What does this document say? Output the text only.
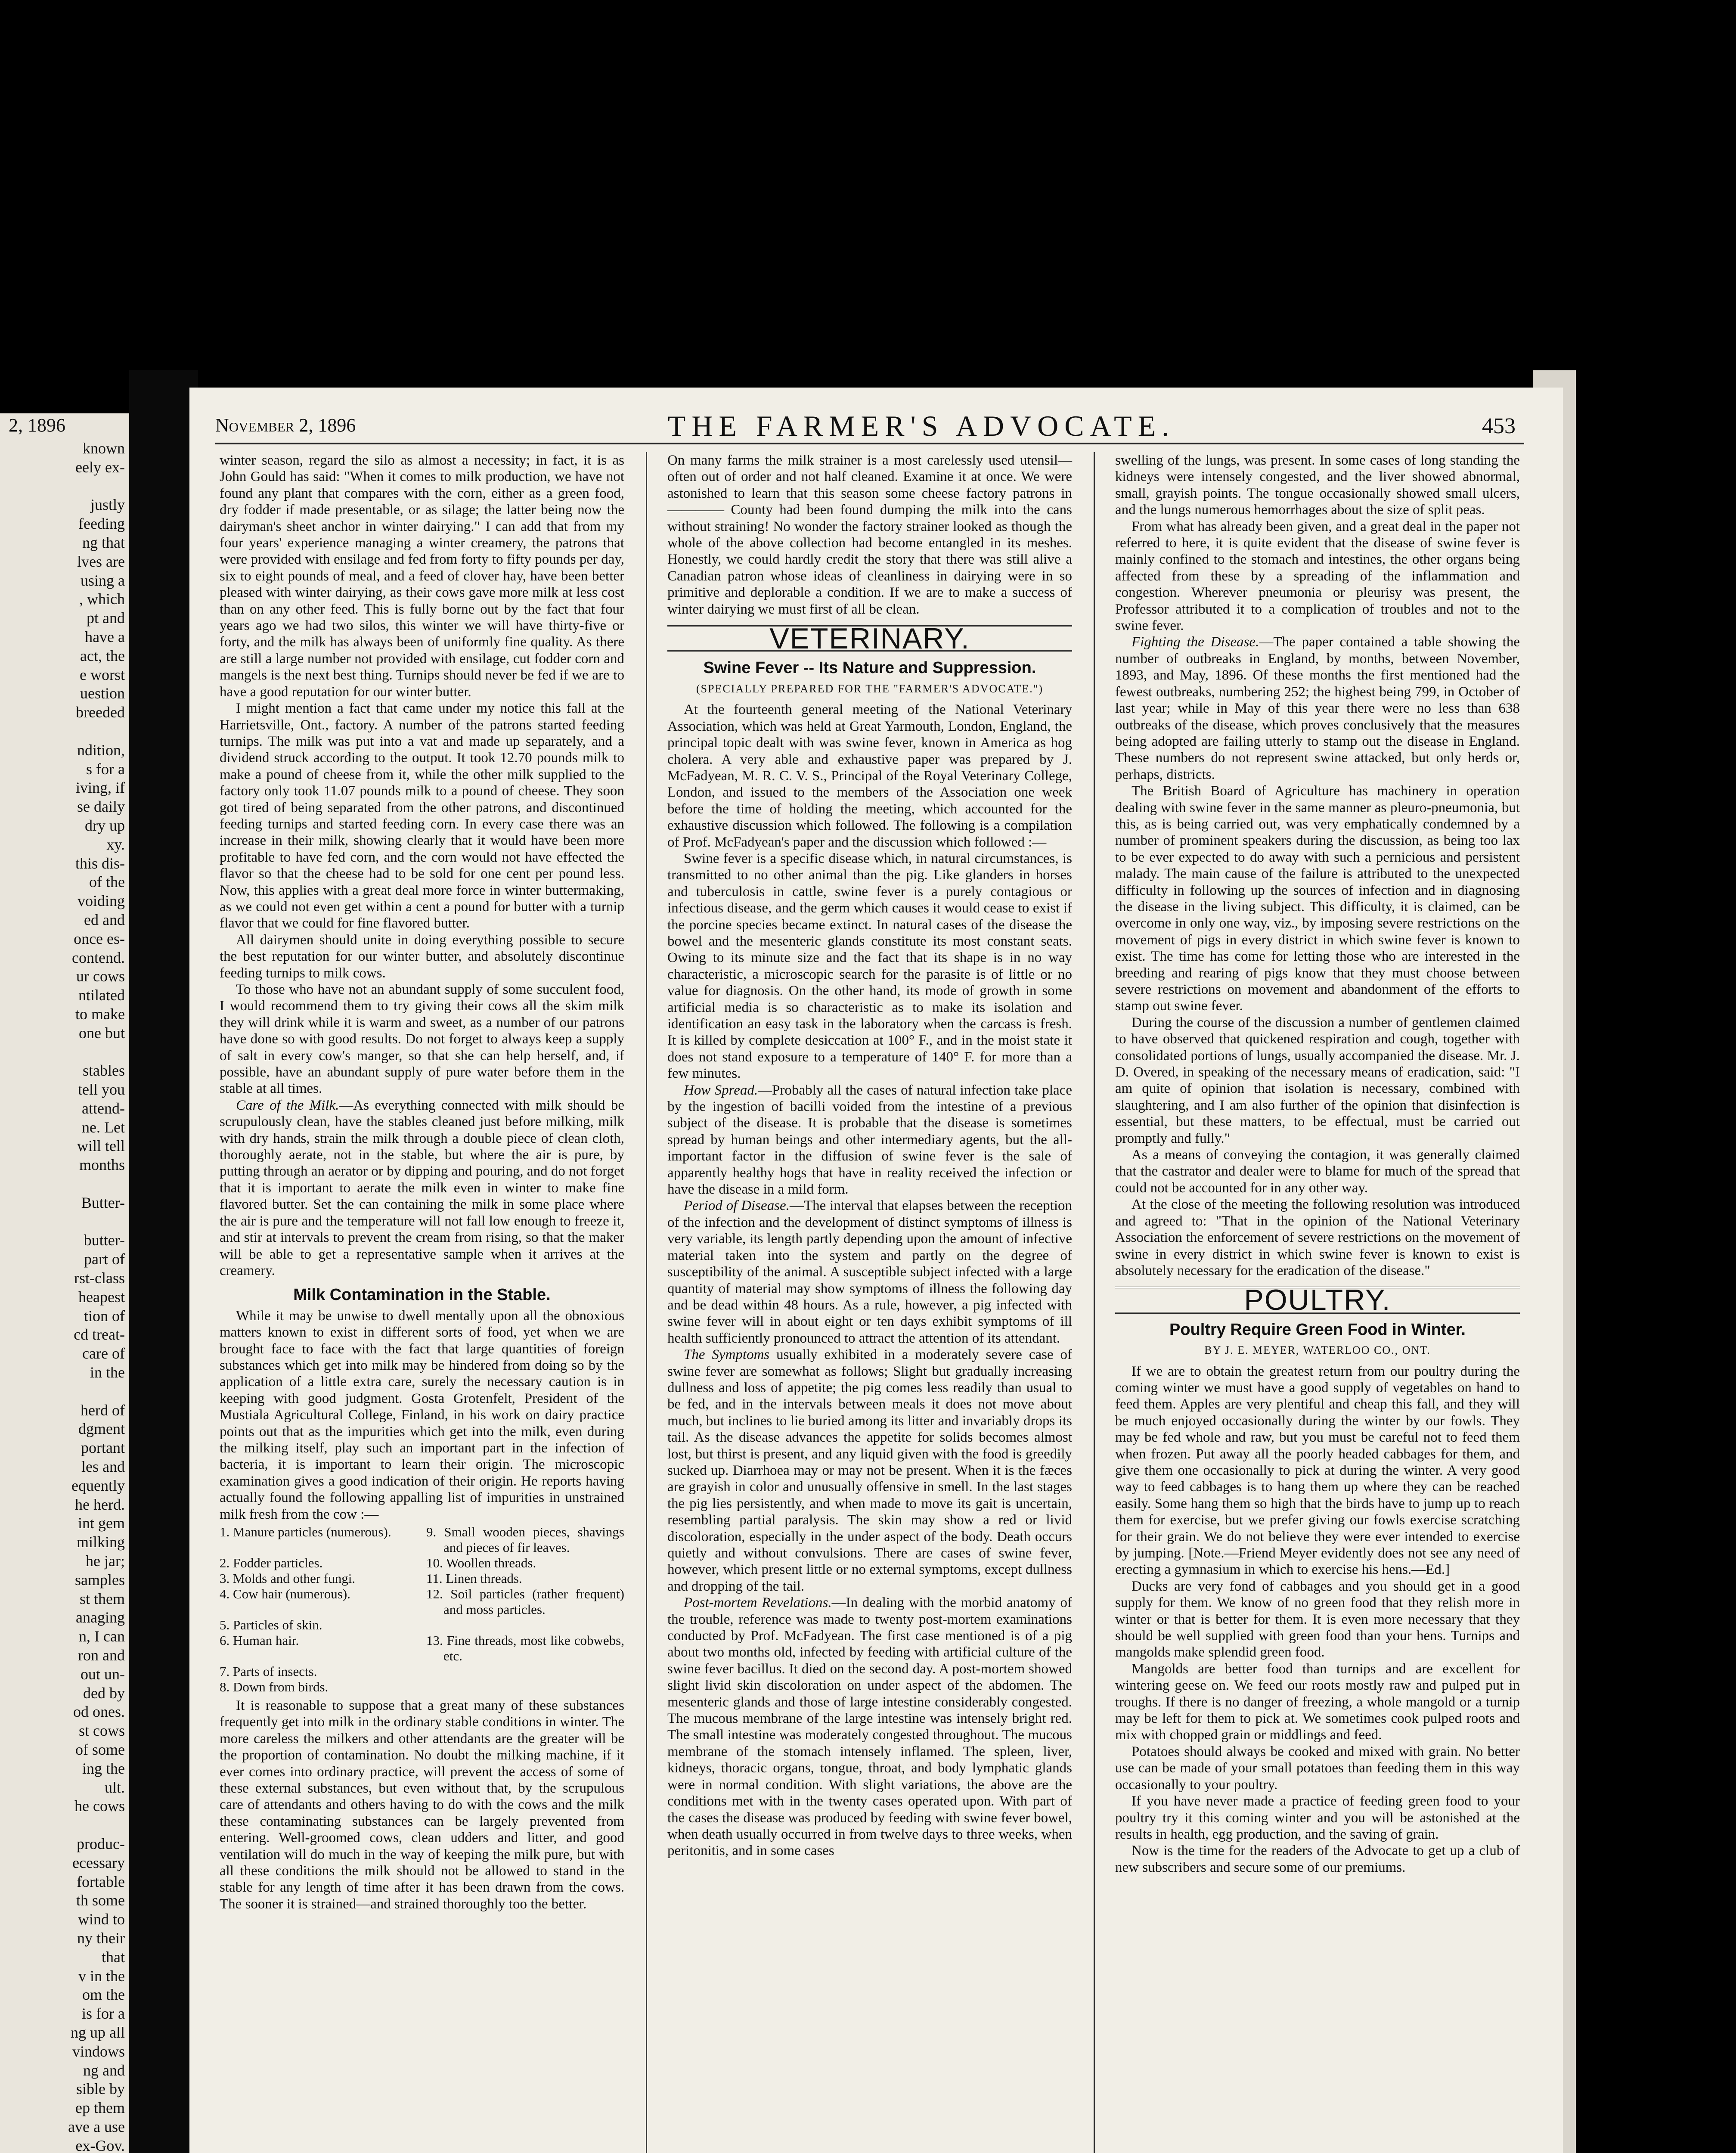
2, 1896
known
eely ex-

justly
feeding
ng that
lves are
using a
, which
pt and
have a
act, the
e worst
uestion
breeded

ndition,
s for a
iving, if
se daily
dry up
xy.
this dis-
of the
voiding
ed and
once es-
contend.
ur cows
ntilated
to make
one but

stables
tell you
attend-
ne. Let
will tell
months

Butter-

butter-
part of
rst-class
heapest
tion of
cd treat-
care of
in the

herd of
dgment
portant
les and
equently
he herd.
int gem
milking
he jar;
samples
st them
anaging
n, I can
ron and
out un-
ded by
od ones.
st cows
of some
ing the
ult.
he cows

produc-
ecessary
fortable
th some
wind to
ny their
that
v in the
om the
is for a
ng up all
vindows
ng and
sible by
ep them
ave a use
ex-Gov.

November 2, 1896	THE FARMER'S ADVOCATE.	453

winter season, regard the silo as almost a necessity; in fact, it is as John Gould has said: "When it comes to milk production, we have not found any plant that compares with the corn, either as a green food, dry fodder if made presentable, or as silage; the latter being now the dairyman's sheet anchor in winter dairying." I can add that from my four years' experience managing a winter creamery, the patrons that were provided with ensilage and fed from forty to fifty pounds per day, six to eight pounds of meal, and a feed of clover hay, have been better pleased with winter dairying, as their cows gave more milk at less cost than on any other feed. This is fully borne out by the fact that four years ago we had two silos, this winter we will have thirty-five or forty, and the milk has always been of uniformly fine quality. As there are still a large number not provided with ensilage, cut fodder corn and mangels is the next best thing. Turnips should never be fed if we are to have a good reputation for our winter butter.

I might mention a fact that came under my notice this fall at the Harrietsville, Ont., factory. A number of the patrons started feeding turnips. The milk was put into a vat and made up separately, and a dividend struck according to the output. It took 12.70 pounds milk to make a pound of cheese from it, while the other milk supplied to the factory only took 11.07 pounds milk to a pound of cheese. They soon got tired of being separated from the other patrons, and discontinued feeding turnips and started feeding corn. In every case there was an increase in their milk, showing clearly that it would have been more profitable to have fed corn, and the corn would not have effected the flavor so that the cheese had to be sold for one cent per pound less. Now, this applies with a great deal more force in winter buttermaking, as we could not even get within a cent a pound for butter with a turnip flavor that we could for fine flavored butter.

All dairymen should unite in doing everything possible to secure the best reputation for our winter butter, and absolutely discontinue feeding turnips to milk cows.

To those who have not an abundant supply of some succulent food, I would recommend them to try giving their cows all the skim milk they will drink while it is warm and sweet, as a number of our patrons have done so with good results. Do not forget to always keep a supply of salt in every cow's manger, so that she can help herself, and, if possible, have an abundant supply of pure water before them in the stable at all times.

Care of the Milk.—As everything connected with milk should be scrupulously clean, have the stables cleaned just before milking, milk with dry hands, strain the milk through a double piece of clean cloth, thoroughly aerate, not in the stable, but where the air is pure, by putting through an aerator or by dipping and pouring, and do not forget that it is important to aerate the milk even in winter to make fine flavored butter. Set the can containing the milk in some place where the air is pure and the temperature will not fall low enough to freeze it, and stir at intervals to prevent the cream from rising, so that the maker will be able to get a representative sample when it arrives at the creamery.

Milk Contamination in the Stable.

While it may be unwise to dwell mentally upon all the obnoxious matters known to exist in different sorts of food, yet when we are brought face to face with the fact that large quantities of foreign substances which get into milk may be hindered from doing so by the application of a little extra care, surely the necessary caution is in keeping with good judgment. Gosta Grotenfelt, President of the Mustiala Agricultural College, Finland, in his work on dairy practice points out that as the impurities which get into the milk, even during the milking itself, play such an important part in the infection of bacteria, it is important to learn their origin. The microscopic examination gives a good indication of their origin. He reports having actually found the following appalling list of impurities in unstrained milk fresh from the cow :—

1. Manure particles (numerous).	9. Small wooden pieces, shavings and pieces of fir leaves.
2. Fodder particles.	10. Woollen threads.
3. Molds and other fungi.	11. Linen threads.
4. Cow hair (numerous).	12. Soil particles (rather frequent) and moss particles.
5. Particles of skin.
6. Human hair.	13. Fine threads, most like cobwebs, etc.
7. Parts of insects.
8. Down from birds.

It is reasonable to suppose that a great many of these substances frequently get into milk in the ordinary stable conditions in winter. The more careless the milkers and other attendants are the greater will be the proportion of contamination. No doubt the milking machine, if it ever comes into ordinary practice, will prevent the access of some of these external substances, but even without that, by the scrupulous care of attendants and others having to do with the cows and the milk these contaminating substances can be largely prevented from entering. Well-groomed cows, clean udders and litter, and good ventilation will do much in the way of keeping the milk pure, but with all these conditions the milk should not be allowed to stand in the stable for any length of time after it has been drawn from the cows. The sooner it is strained—and strained thoroughly too the better.

On many farms the milk strainer is a most carelessly used utensil—often out of order and not half cleaned. Examine it at once. We were astonished to learn that this season some cheese factory patrons in ———— County had been found dumping the milk into the cans without straining! No wonder the factory strainer looked as though the whole of the above collection had become entangled in its meshes. Honestly, we could hardly credit the story that there was still alive a Canadian patron whose ideas of cleanliness in dairying were in so primitive and deplorable a condition. If we are to make a success of winter dairying we must first of all be clean.

VETERINARY.
Swine Fever -- Its Nature and Suppression.
(SPECIALLY PREPARED FOR THE "FARMER'S ADVOCATE.")

At the fourteenth general meeting of the National Veterinary Association, which was held at Great Yarmouth, London, England, the principal topic dealt with was swine fever, known in America as hog cholera. A very able and exhaustive paper was prepared by J. McFadyean, M. R. C. V. S., Principal of the Royal Veterinary College, London, and issued to the members of the Association one week before the time of holding the meeting, which accounted for the exhaustive discussion which followed. The following is a compilation of Prof. McFadyean's paper and the discussion which followed :—

Swine fever is a specific disease which, in natural circumstances, is transmitted to no other animal than the pig. Like glanders in horses and tuberculosis in cattle, swine fever is a purely contagious or infectious disease, and the germ which causes it would cease to exist if the porcine species became extinct. In natural cases of the disease the bowel and the mesenteric glands constitute its most constant seats. Owing to its minute size and the fact that its shape is in no way characteristic, a microscopic search for the parasite is of little or no value for diagnosis. On the other hand, its mode of growth in some artificial media is so characteristic as to make its isolation and identification an easy task in the laboratory when the carcass is fresh. It is killed by complete desiccation at 100° F., and in the moist state it does not stand exposure to a temperature of 140° F. for more than a few minutes.

How Spread.—Probably all the cases of natural infection take place by the ingestion of bacilli voided from the intestine of a previous subject of the disease. It is probable that the disease is sometimes spread by human beings and other intermediary agents, but the all-important factor in the diffusion of swine fever is the sale of apparently healthy hogs that have in reality received the infection or have the disease in a mild form.

Period of Disease.—The interval that elapses between the reception of the infection and the development of distinct symptoms of illness is very variable, its length partly depending upon the amount of infective material taken into the system and partly on the degree of susceptibility of the animal. A susceptible subject infected with a large quantity of material may show symptoms of illness the following day and be dead within 48 hours. As a rule, however, a pig infected with swine fever will in about eight or ten days exhibit symptoms of ill health sufficiently pronounced to attract the attention of its attendant.

The Symptoms usually exhibited in a moderately severe case of swine fever are somewhat as follows; Slight but gradually increasing dullness and loss of appetite; the pig comes less readily than usual to be fed, and in the intervals between meals it does not move about much, but inclines to lie buried among its litter and invariably drops its tail. As the disease advances the appetite for solids becomes almost lost, but thirst is present, and any liquid given with the food is greedily sucked up. Diarrhoea may or may not be present. When it is the fæces are grayish in color and unusually offensive in smell. In the last stages the pig lies persistently, and when made to move its gait is uncertain, resembling partial paralysis. The skin may show a red or livid discoloration, especially in the under aspect of the body. Death occurs quietly and without convulsions. There are cases of swine fever, however, which present little or no external symptoms, except dullness and dropping of the tail.

Post-mortem Revelations.—In dealing with the morbid anatomy of the trouble, reference was made to twenty post-mortem examinations conducted by Prof. McFadyean. The first case mentioned is of a pig about two months old, infected by feeding with artificial culture of the swine fever bacillus. It died on the second day. A post-mortem showed slight livid skin discoloration on under aspect of the abdomen. The mesenteric glands and those of large intestine considerably congested. The mucous membrane of the large intestine was intensely bright red. The small intestine was moderately congested throughout. The mucous membrane of the stomach intensely inflamed. The spleen, liver, kidneys, thoracic organs, tongue, throat, and body lymphatic glands were in normal condition. With slight variations, the above are the conditions met with in the twenty cases operated upon. With part of the cases the disease was produced by feeding with swine fever bowel, when death usually occurred in from twelve days to three weeks, when peritonitis, and in some cases

swelling of the lungs, was present. In some cases of long standing the kidneys were intensely congested, and the liver showed abnormal, small, grayish points. The tongue occasionally showed small ulcers, and the lungs numerous hemorrhages about the size of split peas.

From what has already been given, and a great deal in the paper not referred to here, it is quite evident that the disease of swine fever is mainly confined to the stomach and intestines, the other organs being affected from these by a spreading of the inflammation and congestion. Wherever pneumonia or pleurisy was present, the Professor attributed it to a complication of troubles and not to the swine fever.

Fighting the Disease.—The paper contained a table showing the number of outbreaks in England, by months, between November, 1893, and May, 1896. Of these months the first mentioned had the fewest outbreaks, numbering 252; the highest being 799, in October of last year; while in May of this year there were no less than 638 outbreaks of the disease, which proves conclusively that the measures being adopted are failing utterly to stamp out the disease in England. These numbers do not represent swine attacked, but only herds or, perhaps, districts.

The British Board of Agriculture has machinery in operation dealing with swine fever in the same manner as pleuro-pneumonia, but this, as is being carried out, was very emphatically condemned by a number of prominent speakers during the discussion, as being too lax to be ever expected to do away with such a pernicious and persistent malady. The main cause of the failure is attributed to the unexpected difficulty in following up the sources of infection and in diagnosing the disease in the living subject. This difficulty, it is claimed, can be overcome in only one way, viz., by imposing severe restrictions on the movement of pigs in every district in which swine fever is known to exist. The time has come for letting those who are interested in the breeding and rearing of pigs know that they must choose between severe restrictions on movement and abandonment of the efforts to stamp out swine fever.

During the course of the discussion a number of gentlemen claimed to have observed that quickened respiration and cough, together with consolidated portions of lungs, usually accompanied the disease. Mr. J. D. Overed, in speaking of the necessary means of eradication, said: "I am quite of opinion that isolation is necessary, combined with slaughtering, and I am also further of the opinion that disinfection is essential, but these matters, to be effectual, must be carried out promptly and fully."

As a means of conveying the contagion, it was generally claimed that the castrator and dealer were to blame for much of the spread that could not be accounted for in any other way.

At the close of the meeting the following resolution was introduced and agreed to: "That in the opinion of the National Veterinary Association the enforcement of severe restrictions on the movement of swine in every district in which swine fever is known to exist is absolutely necessary for the eradication of the disease."

POULTRY.
Poultry Require Green Food in Winter.
BY J. E. MEYER, WATERLOO CO., ONT.

If we are to obtain the greatest return from our poultry during the coming winter we must have a good supply of vegetables on hand to feed them. Apples are very plentiful and cheap this fall, and they will be much enjoyed occasionally during the winter by our fowls. They may be fed whole and raw, but you must be careful not to feed them when frozen. Put away all the poorly headed cabbages for them, and give them one occasionally to pick at during the winter. A very good way to feed cabbages is to hang them up where they can be reached easily. Some hang them so high that the birds have to jump up to reach them for exercise, but we prefer giving our fowls exercise scratching for their grain. We do not believe they were ever intended to exercise by jumping. [Note.—Friend Meyer evidently does not see any need of erecting a gymnasium in which to exercise his hens.—Ed.]

Ducks are very fond of cabbages and you should get in a good supply for them. We know of no green food that they relish more in winter or that is better for them. It is even more necessary that they should be well supplied with green food than your hens. Turnips and mangolds make splendid green food.

Mangolds are better food than turnips and are excellent for wintering geese on. We feed our roots mostly raw and pulped put in troughs. If there is no danger of freezing, a whole mangold or a turnip may be left for them to pick at. We sometimes cook pulped roots and mix with chopped grain or middlings and feed.

Potatoes should always be cooked and mixed with grain. No better use can be made of your small potatoes than feeding them in this way occasionally to your poultry.

If you have never made a practice of feeding green food to your poultry try it this coming winter and you will be astonished at the results in health, egg production, and the saving of grain.

Now is the time for the readers of the Advocate to get up a club of new subscribers and secure some of our premiums.
